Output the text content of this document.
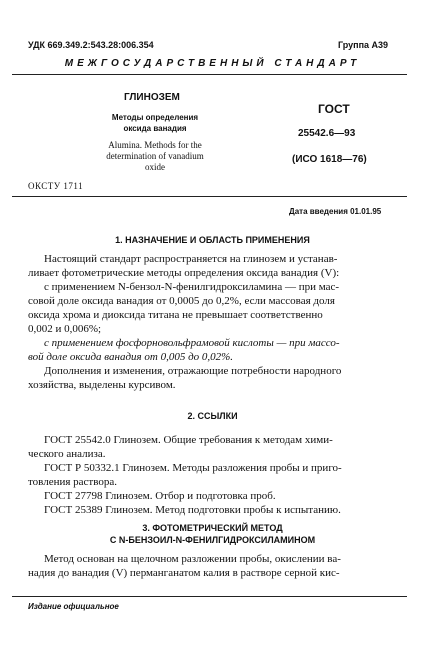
УДК 669.349.2:543.28:006.354	Группа А39
МЕЖГОСУДАРСТВЕННЫЙ СТАНДАРТ
ГЛИНОЗЕМ
Методы определения
оксида ванадия
Alumina. Methods for the
determination of vanadium
oxide
ГОСТ
25542.6—93
(ИСО 1618—76)
ОКСТУ 1711
Дата введения 01.01.95
1. НАЗНАЧЕНИЕ И ОБЛАСТЬ ПРИМЕНЕНИЯ
Настоящий стандарт распространяется на глинозем и устанав-
ливает фотометрические методы определения оксида ванадия (V):
с применением N-бензол-N-фенилгидроксиламина — при мас-
совой доле оксида ванадия от 0,0005 до 0,2%, если массовая доля
оксида хрома и диоксида титана не превышает соответственно
0,002 и 0,006%;
с применением фосфорновольфрамовой кислоты — при массо-
вой доле оксида ванадия от 0,005 до 0,02%.
Дополнения и изменения, отражающие потребности народного
хозяйства, выделены курсивом.
2. ССЫЛКИ
ГОСТ 25542.0 Глинозем. Общие требования к методам хими-
ческого анализа.
ГОСТ Р 50332.1 Глинозем. Методы разложения пробы и приго-
товления раствора.
ГОСТ 27798 Глинозем. Отбор и подготовка проб.
ГОСТ 25389 Глинозем. Метод подготовки пробы к испытанию.
3. ФОТОМЕТРИЧЕСКИЙ МЕТОД
С N-БЕНЗОИЛ-N-ФЕНИЛГИДРОКСИЛАМИНОМ
Метод основан на щелочном разложении пробы, окислении ва-
надия до ванадия (V) перманганатом калия в растворе серной кис-
Издание официальное
